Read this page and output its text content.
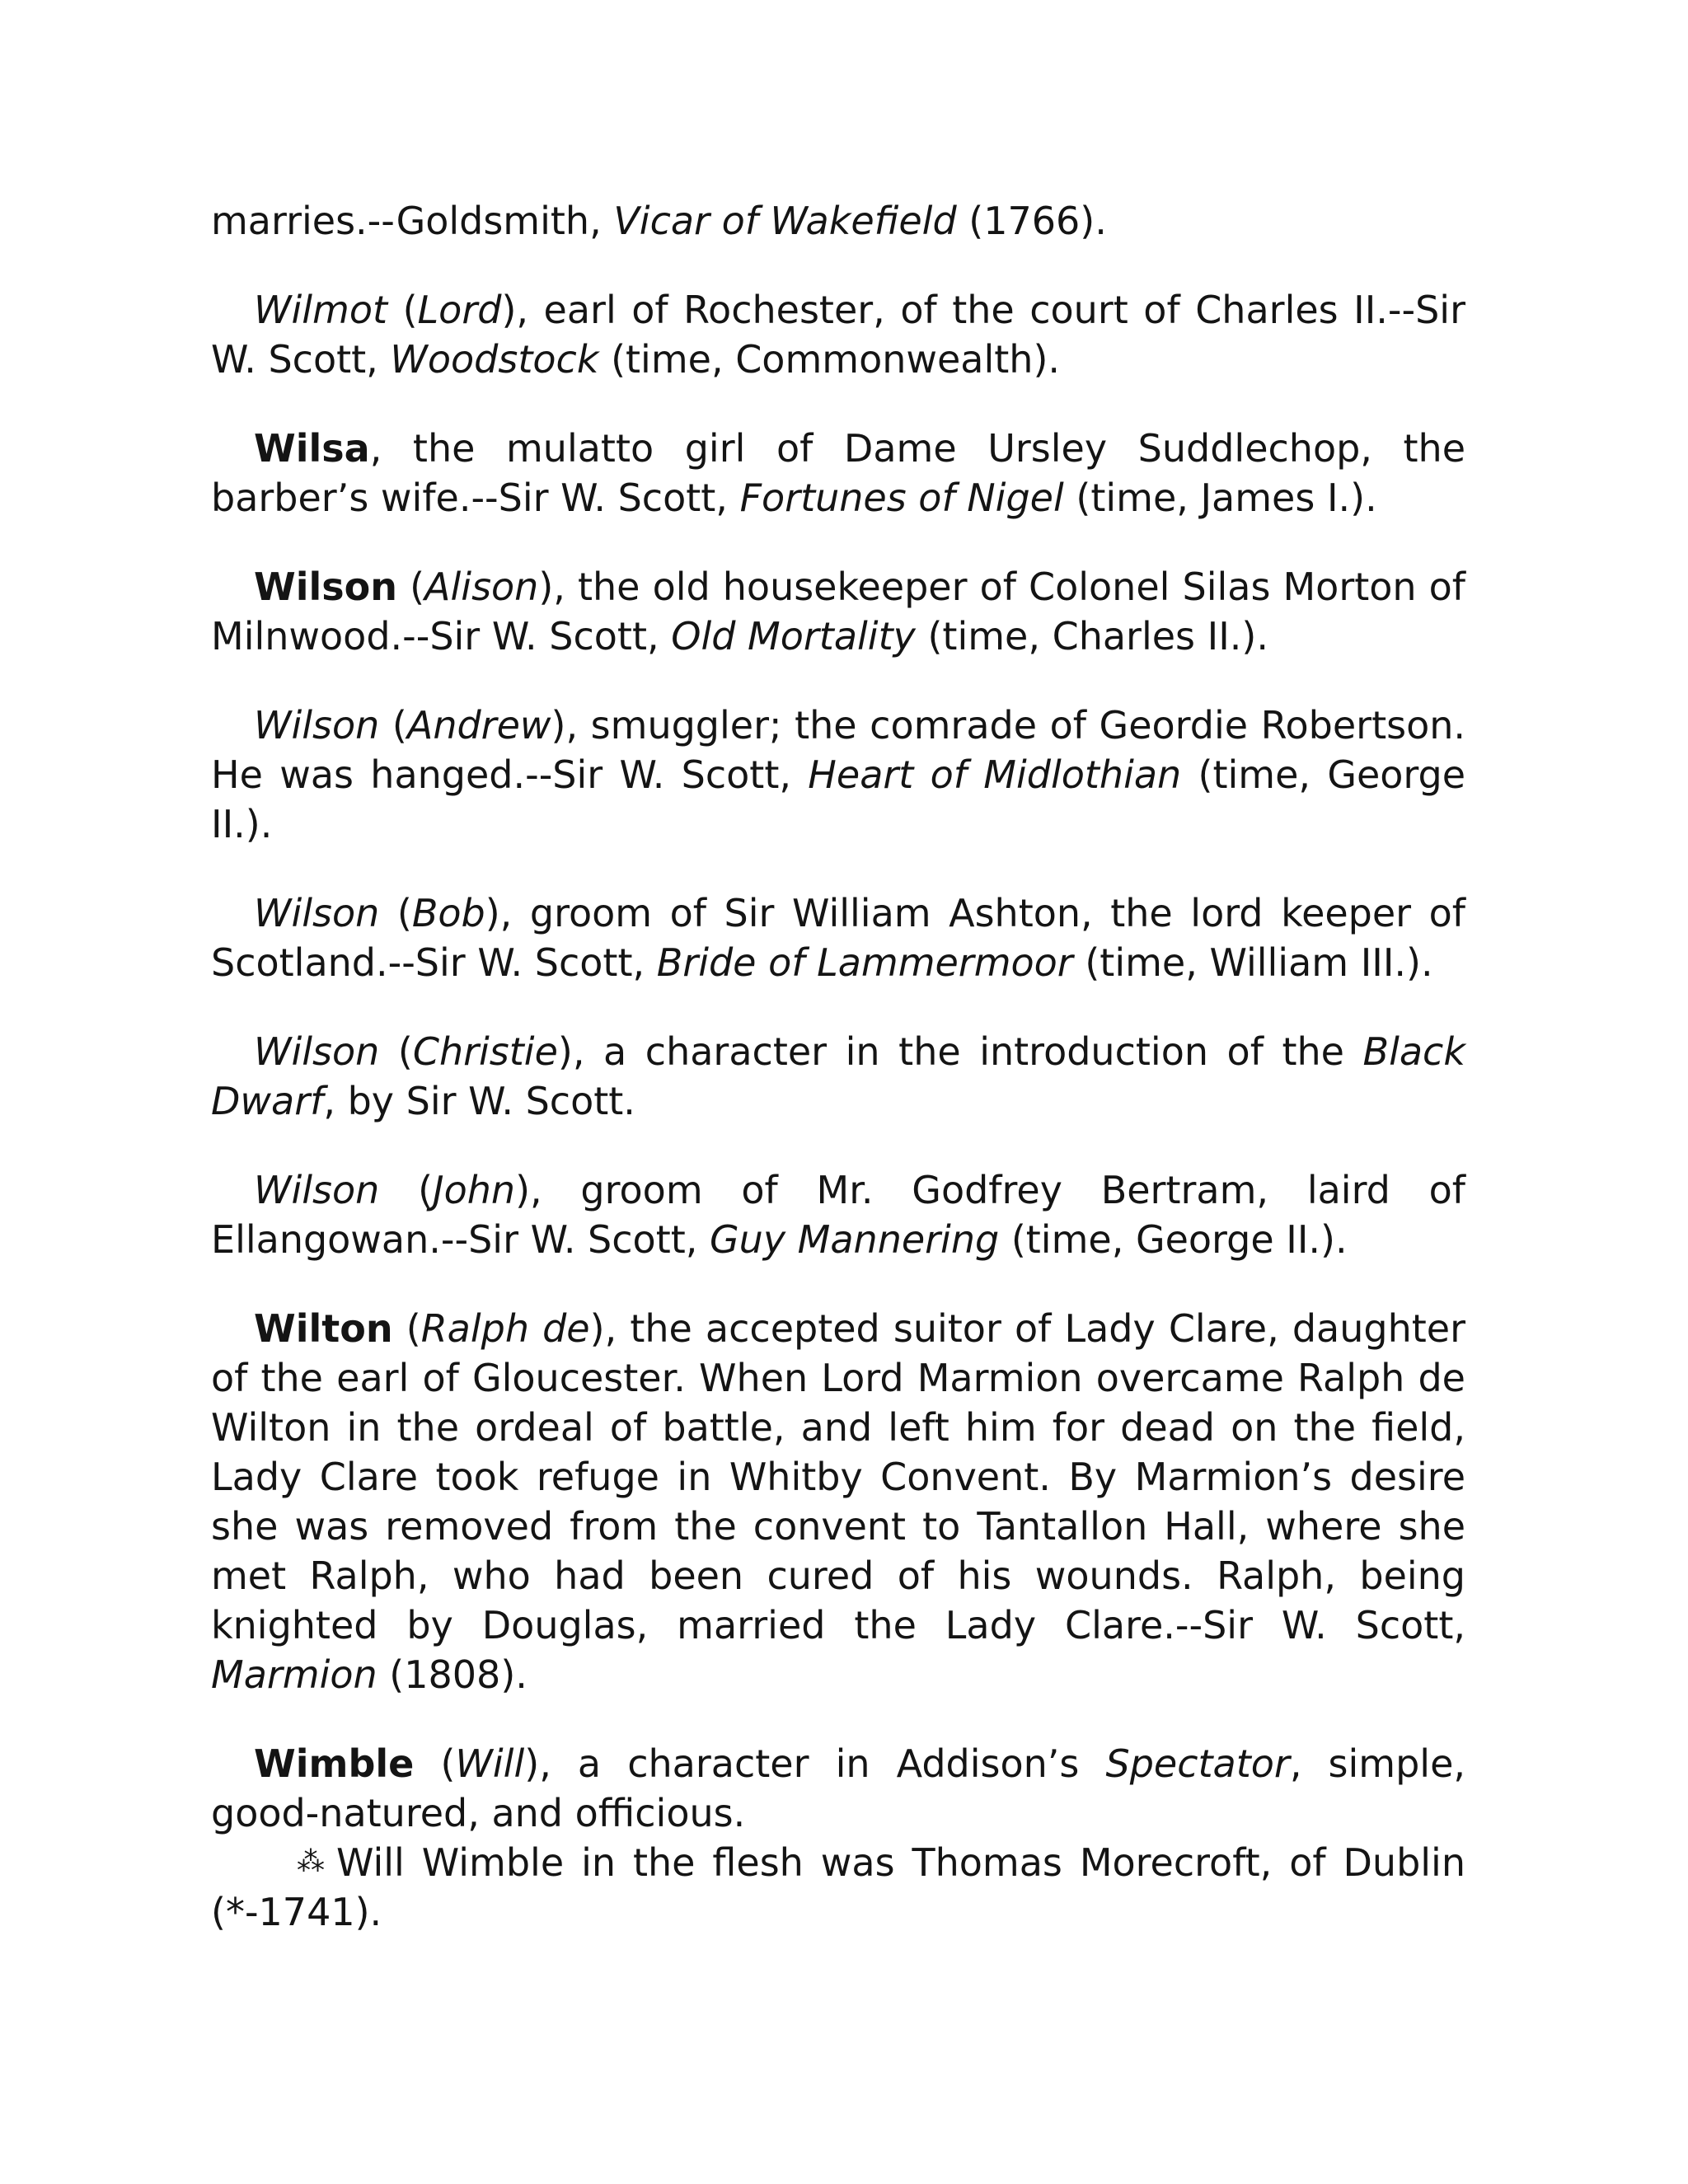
marries.--Goldsmith, Vicar of Wakefield (1766).

Wilmot (Lord), earl of Rochester, of the court of Charles II.--Sir W. Scott, Woodstock (time, Commonwealth).

Wilsa, the mulatto girl of Dame Ursley Suddlechop, the barber’s wife.--Sir W. Scott, Fortunes of Nigel (time, James I.).

Wilson (Alison), the old housekeeper of Colonel Silas Morton of Milnwood.--Sir W. Scott, Old Mortality (time, Charles II.).

Wilson (Andrew), smuggler; the comrade of Geordie Robertson. He was hanged.--Sir W. Scott, Heart of Midlothian (time, George II.).

Wilson (Bob), groom of Sir William Ashton, the lord keeper of Scotland.--Sir W. Scott, Bride of Lammermoor (time, William III.).

Wilson (Christie), a character in the introduction of the Black Dwarf, by Sir W. Scott.

Wilson (John), groom of Mr. Godfrey Bertram, laird of Ellangowan.--Sir W. Scott, Guy Mannering (time, George II.).

Wilton (Ralph de), the accepted suitor of Lady Clare, daughter of the earl of Gloucester. When Lord Marmion overcame Ralph de Wilton in the ordeal of battle, and left him for dead on the field, Lady Clare took refuge in Whitby Convent. By Marmion’s desire she was removed from the convent to Tantallon Hall, where she met Ralph, who had been cured of his wounds. Ralph, being knighted by Douglas, married the Lady Clare.--Sir W. Scott, Marmion (1808).

Wimble (Will), a character in Addison’s Spectator, simple, good-natured, and officious.

⁂ Will Wimble in the flesh was Thomas Morecroft, of Dublin (*-1741).
